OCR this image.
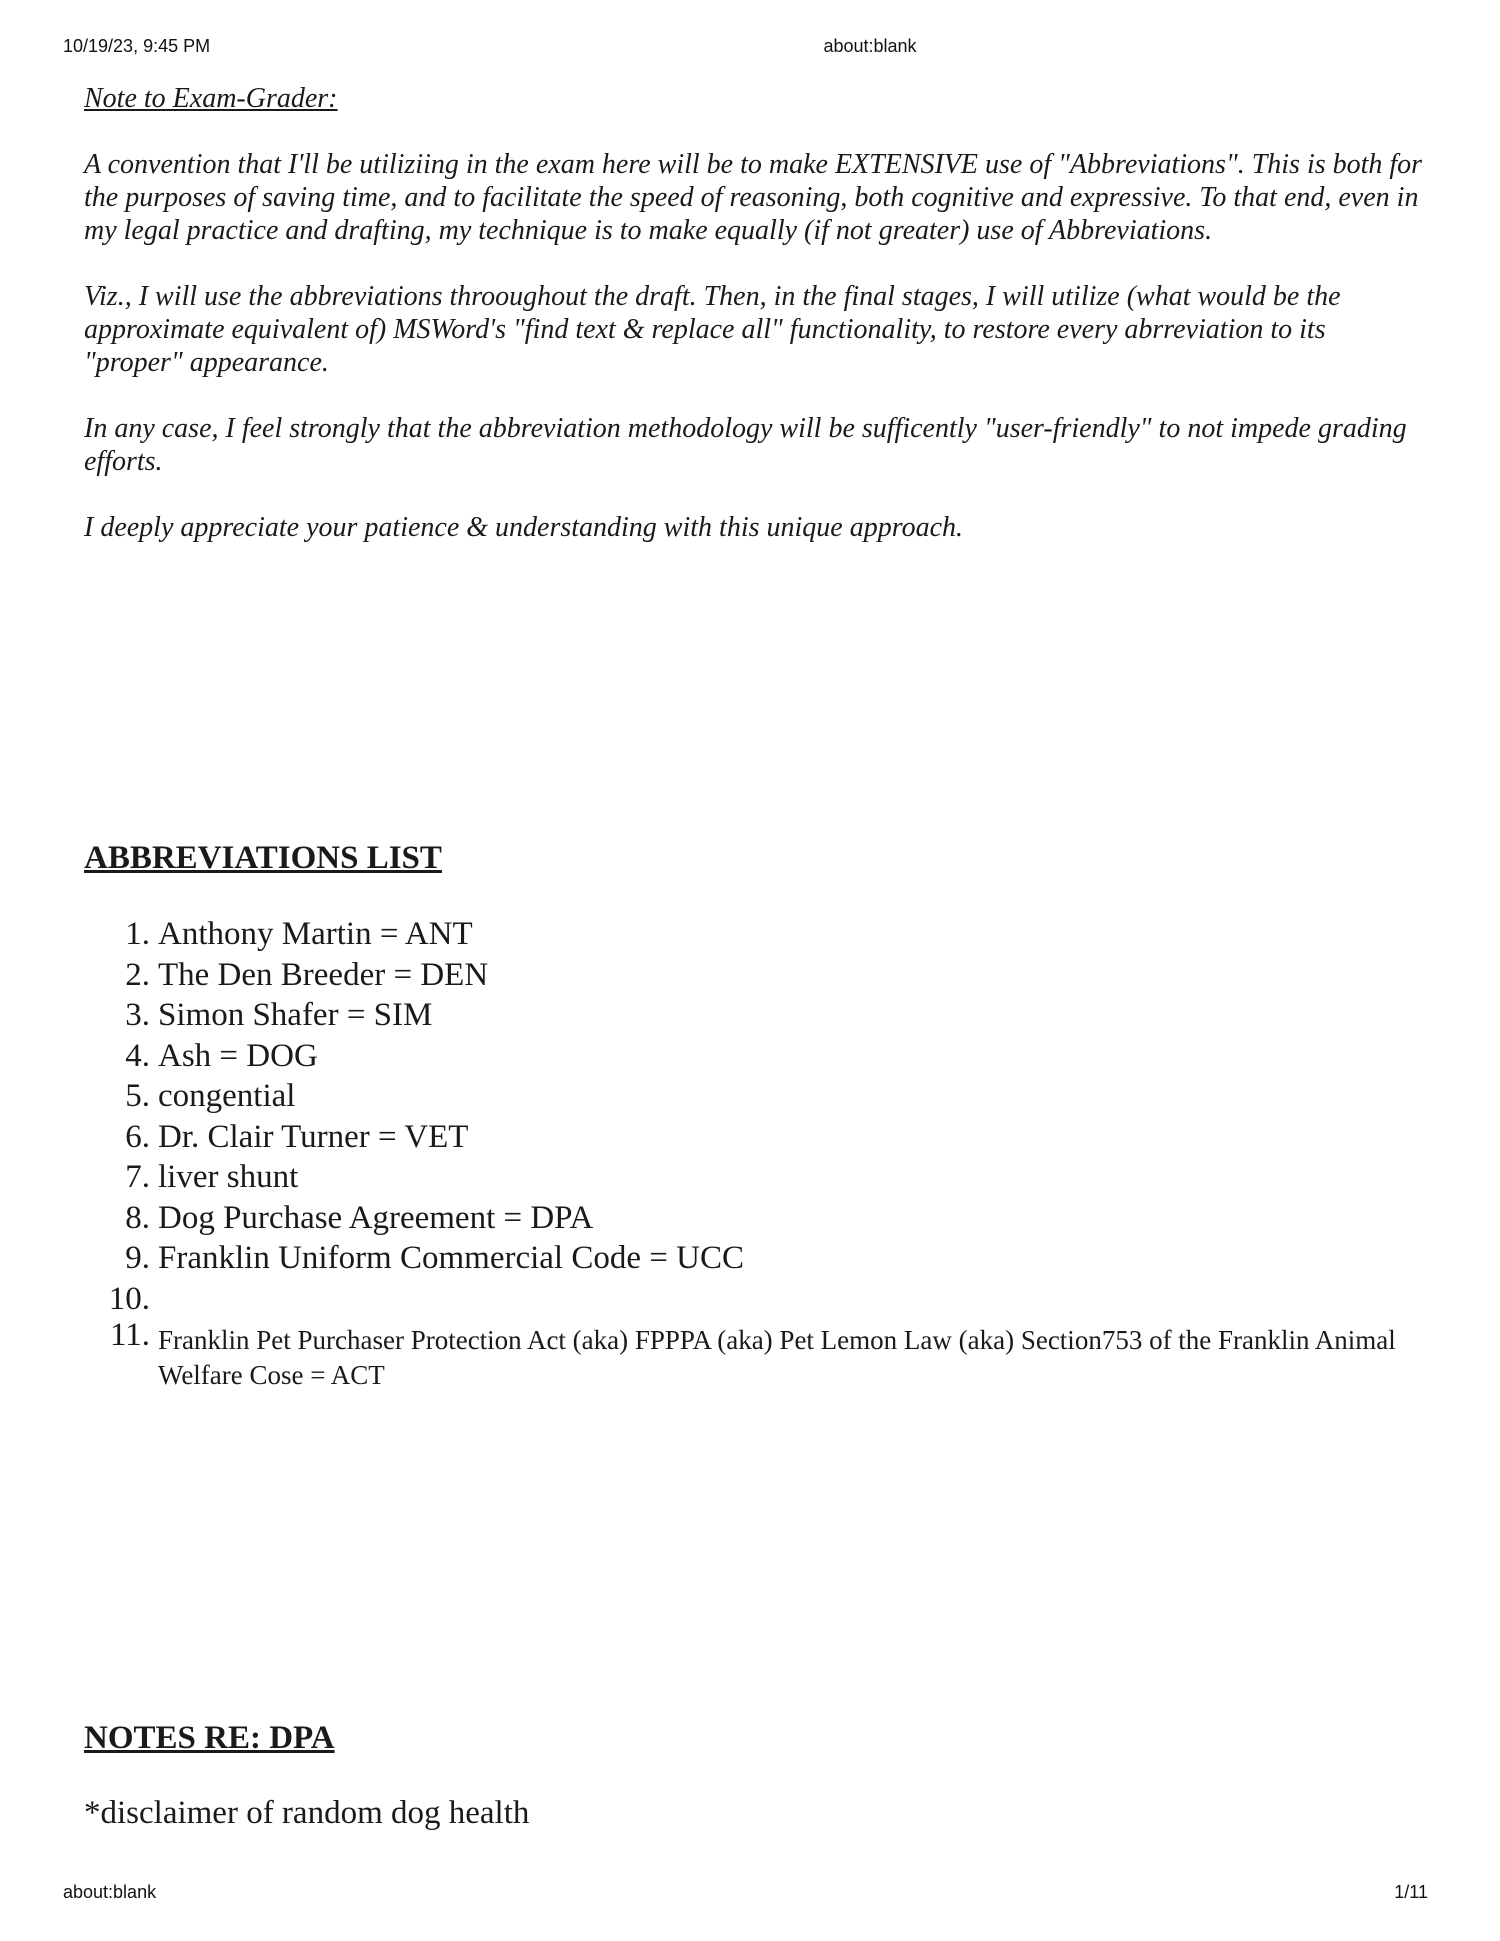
10/19/23, 9:45 PM	about:blank

Note to Exam-Grader:

A convention that I'll be utiliziing in the exam here will be to make EXTENSIVE use of "Abbreviations". This is both for the purposes of saving time, and to facilitate the speed of reasoning, both cognitive and expressive. To that end, even in my legal practice and drafting, my technique is to make equally (if not greater) use of Abbreviations.

Viz., I will use the abbreviations throoughout the draft. Then, in the final stages, I will utilize (what would be the approximate equivalent of) MSWord's "find text & replace all" functionality, to restore every abrreviation to its "proper" appearance.

In any case, I feel strongly that the abbreviation methodology will be sufficently "user-friendly" to not impede grading efforts.

I deeply appreciate your patience & understanding with this unique approach.

ABBREVIATIONS LIST
1. Anthony Martin = ANT
2. The Den Breeder = DEN
3. Simon Shafer = SIM
4. Ash = DOG
5. congential
6. Dr. Clair Turner = VET
7. liver shunt
8. Dog Purchase Agreement = DPA
9. Franklin Uniform Commercial Code = UCC
10.
11. Franklin Pet Purchaser Protection Act (aka) FPPPA (aka) Pet Lemon Law (aka) Section753 of the Franklin Animal Welfare Cose = ACT
NOTES RE: DPA

*disclaimer of random dog health

about:blank	1/11
